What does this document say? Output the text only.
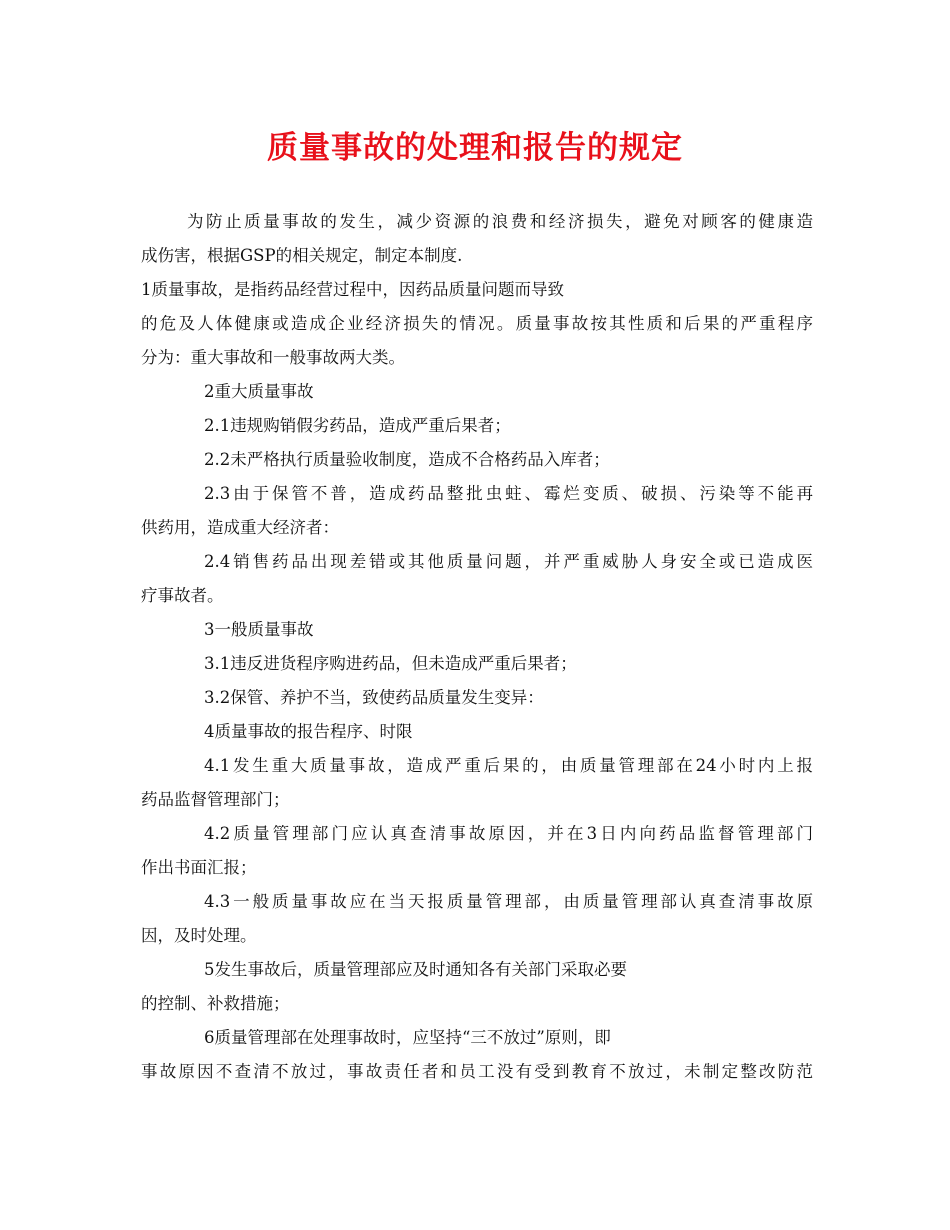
质量事故的处理和报告的规定
为防止质量事故的发生，减少资源的浪费和经济损失，避免对顾客的健康造
成伤害，根据GSP的相关规定，制定本制度.
1质量事故，是指药品经营过程中，因药品质量问题而导致
的危及人体健康或造成企业经济损失的情况。质量事故按其性质和后果的严重程序
分为：重大事故和一般事故两大类。
2重大质量事故
2.1违规购销假劣药品，造成严重后果者；
2.2未严格执行质量验收制度，造成不合格药品入库者；
2.3由于保管不普，造成药品整批虫蛀、霉烂变质、破损、污染等不能再
供药用，造成重大经济者：
2.4销售药品出现差错或其他质量问题，并严重威胁人身安全或已造成医
疗事故者。
3一般质量事故
3.1违反进货程序购进药品，但未造成严重后果者；
3.2保管、养护不当，致使药品质量发生变异：
4质量事故的报告程序、时限
4.1发生重大质量事故，造成严重后果的，由质量管理部在24小时内上报
药品监督管理部门；
4.2质量管理部门应认真查清事故原因，并在3日内向药品监督管理部门
作出书面汇报；
4.3一般质量事故应在当天报质量管理部，由质量管理部认真查清事故原
因，及时处理。
5发生事故后，质量管理部应及时通知各有关部门采取必要
的控制、补救措施；
6质量管理部在处理事故时，应坚持“三不放过”原则，即
事故原因不查清不放过，事故责任者和员工没有受到教育不放过，未制定整改防范
